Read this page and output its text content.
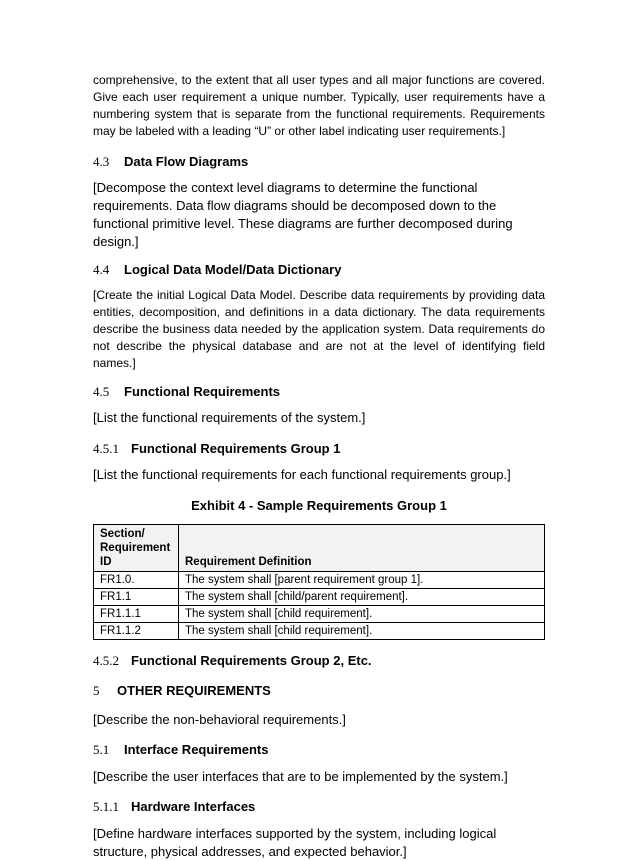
comprehensive, to the extent that all user types and all major functions are covered. Give each user requirement a unique number. Typically, user requirements have a numbering system that is separate from the functional requirements. Requirements may be labeled with a leading “U” or other label indicating user requirements.]

4.3	Data Flow Diagrams

[Decompose the context level diagrams to determine the functional requirements. Data flow diagrams should be decomposed down to the functional primitive level. These diagrams are further decomposed during design.]

4.4	Logical Data Model/Data Dictionary

[Create the initial Logical Data Model. Describe data requirements by providing data entities, decomposition, and definitions in a data dictionary. The data requirements describe the business data needed by the application system. Data requirements do not describe the physical database and are not at the level of identifying field names.]

4.5	Functional Requirements

[List the functional requirements of the system.]

4.5.1 Functional Requirements Group 1

[List the functional requirements for each functional requirements group.]

Exhibit 4 - Sample Requirements Group 1

Section/
Requirement
ID	Requirement Definition
FR1.0.	The system shall [parent requirement group 1].
FR1.1	The system shall [child/parent requirement].
FR1.1.1	The system shall [child requirement].
FR1.1.2	The system shall [child requirement].
4.5.2 Functional Requirements Group 2, Etc.
5	OTHER REQUIREMENTS

[Describe the non-behavioral requirements.]

5.1	Interface Requirements

[Describe the user interfaces that are to be implemented by the system.]

5.1.1 Hardware Interfaces

[Define hardware interfaces supported by the system, including logical structure, physical addresses, and expected behavior.]
